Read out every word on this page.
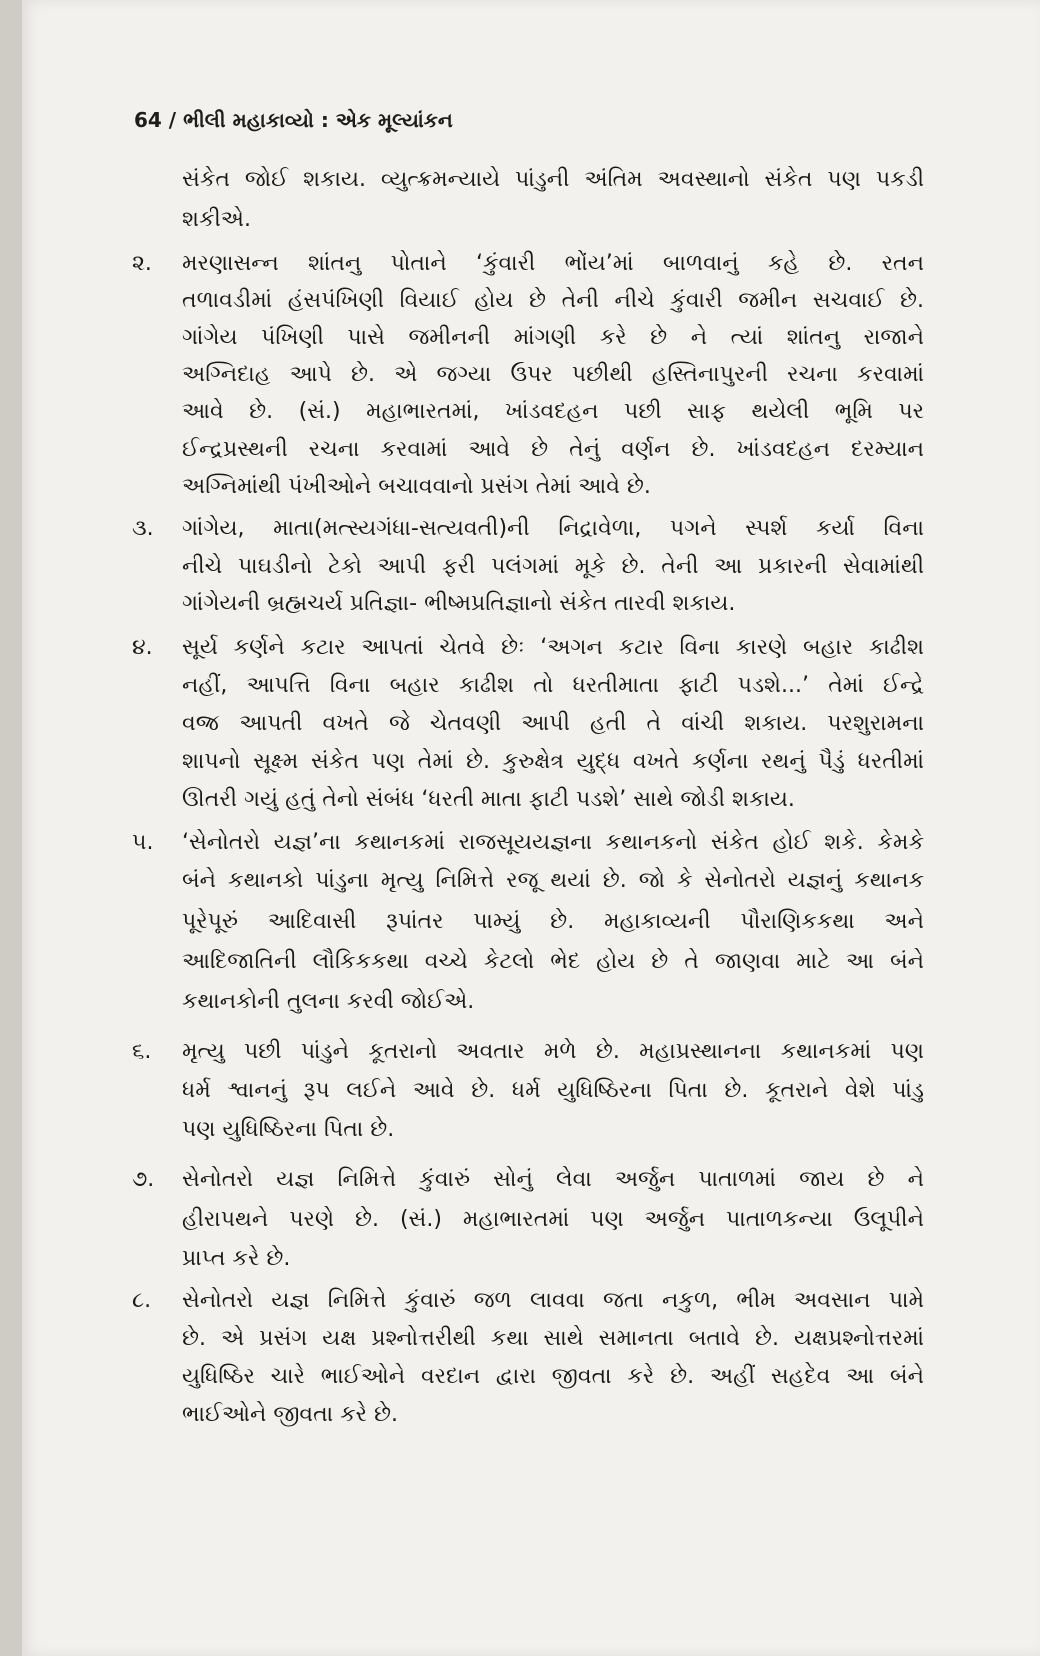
64 / ભીલી મહાકાવ્યો : એક મૂલ્યાંકન
સંકેત જોઈ શકાય. વ્યુત્ક્રમન્યાયે પાંડુની અંતિમ અવસ્થાનો સંકેત પણ પકડી
શકીએ.
૨. મરણાસન્ન શાંતનુ પોતાને ‘કુંવારી ભોંય’માં બાળવાનું કહે છે. રતન
તળાવડીમાં હંસપંખિણી વિયાઈ હોય છે તેની નીચે કુંવારી જમીન સચવાઈ છે.
ગાંગેય પંખિણી પાસે જમીનની માંગણી કરે છે ને ત્યાં શાંતનુ રાજાને
અગ્નિદાહ આપે છે. એ જગ્યા ઉપર પછીથી હસ્તિનાપુરની રચના કરવામાં
આવે છે. (સં.) મહાભારતમાં, ખાંડવદહન પછી સાફ થયેલી ભૂમિ પર
ઈન્દ્રપ્રસ્થની રચના કરવામાં આવે છે તેનું વર્ણન છે. ખાંડવદહન દરમ્યાન
અગ્નિમાંથી પંખીઓને બચાવવાનો પ્રસંગ તેમાં આવે છે.
૩. ગાંગેય, માતા(મત્સ્યગંધા-સત્યવતી)ની નિદ્રાવેળા, પગને સ્પર્શ કર્યા વિના
નીચે પાઘડીનો ટેકો આપી ફરી પલંગમાં મૂકે છે. તેની આ પ્રકારની સેવામાંથી
ગાંગેયની બ્રહ્મચર્ય પ્રતિજ્ઞા- ભીષ્મપ્રતિજ્ઞાનો સંકેત તારવી શકાય.
૪. સૂર્ય કર્ણને કટાર આપતાં ચેતવે છેઃ ‘અગન કટાર વિના કારણે બહાર કાઢીશ
નહીં, આપત્તિ વિના બહાર કાઢીશ તો ધરતીમાતા ફાટી પડશે...’ તેમાં ઈન્દ્રે
વજ્ર આપતી વખતે જે ચેતવણી આપી હતી તે વાંચી શકાય. પરશુરામના
શાપનો સૂક્ષ્મ સંકેત પણ તેમાં છે. કુરુક્ષેત્ર યુદ્ધ વખતે કર્ણના રથનું પૈડું ધરતીમાં
ઊતરી ગયું હતું તેનો સંબંધ ‘ધરતી માતા ફાટી પડશે’ સાથે જોડી શકાય.
૫. ‘સેનોતરો યજ્ઞ’ના કથાનકમાં રાજસૂયયજ્ઞના કથાનકનો સંકેત હોઈ શકે. કેમકે
બંને કથાનકો પાંડુના મૃત્યુ નિમિત્તે રજૂ થયાં છે. જો કે સેનોતરો યજ્ઞનું કથાનક
પૂરેપૂરું આદિવાસી રૂપાંતર પામ્યું છે. મહાકાવ્યની પૌરાણિકકથા અને
આદિજાતિની લૌકિકકથા વચ્ચે કેટલો ભેદ હોય છે તે જાણવા માટે આ બંને
કથાનકોની તુલના કરવી જોઈએ.
૬. મૃત્યુ પછી પાંડુને કૂતરાનો અવતાર મળે છે. મહાપ્રસ્થાનના કથાનકમાં પણ
ધર્મ શ્વાનનું રૂપ લઈને આવે છે. ધર્મ યુધિષ્ઠિરના પિતા છે. કૂતરાને વેશે પાંડુ
પણ યુધિષ્ઠિરના પિતા છે.
૭. સેનોતરો યજ્ઞ નિમિત્તે કુંવારું સોનું લેવા અર્જુન પાતાળમાં જાય છે ને
હીરાપથને પરણે છે. (સં.) મહાભારતમાં પણ અર્જુન પાતાળકન્યા ઉલૂપીને
પ્રાપ્ત કરે છે.
૮. સેનોતરો યજ્ઞ નિમિત્તે કુંવારું જળ લાવવા જતા નકુળ, ભીમ અવસાન પામે
છે. એ પ્રસંગ યક્ષ પ્રશ્નોત્તરીથી કથા સાથે સમાનતા બતાવે છે. યક્ષપ્રશ્નોત્તરમાં
યુધિષ્ઠિર ચારે ભાઈઓને વરદાન દ્વારા જીવતા કરે છે. અહીં સહદેવ આ બંને
ભાઈઓને જીવતા કરે છે.
